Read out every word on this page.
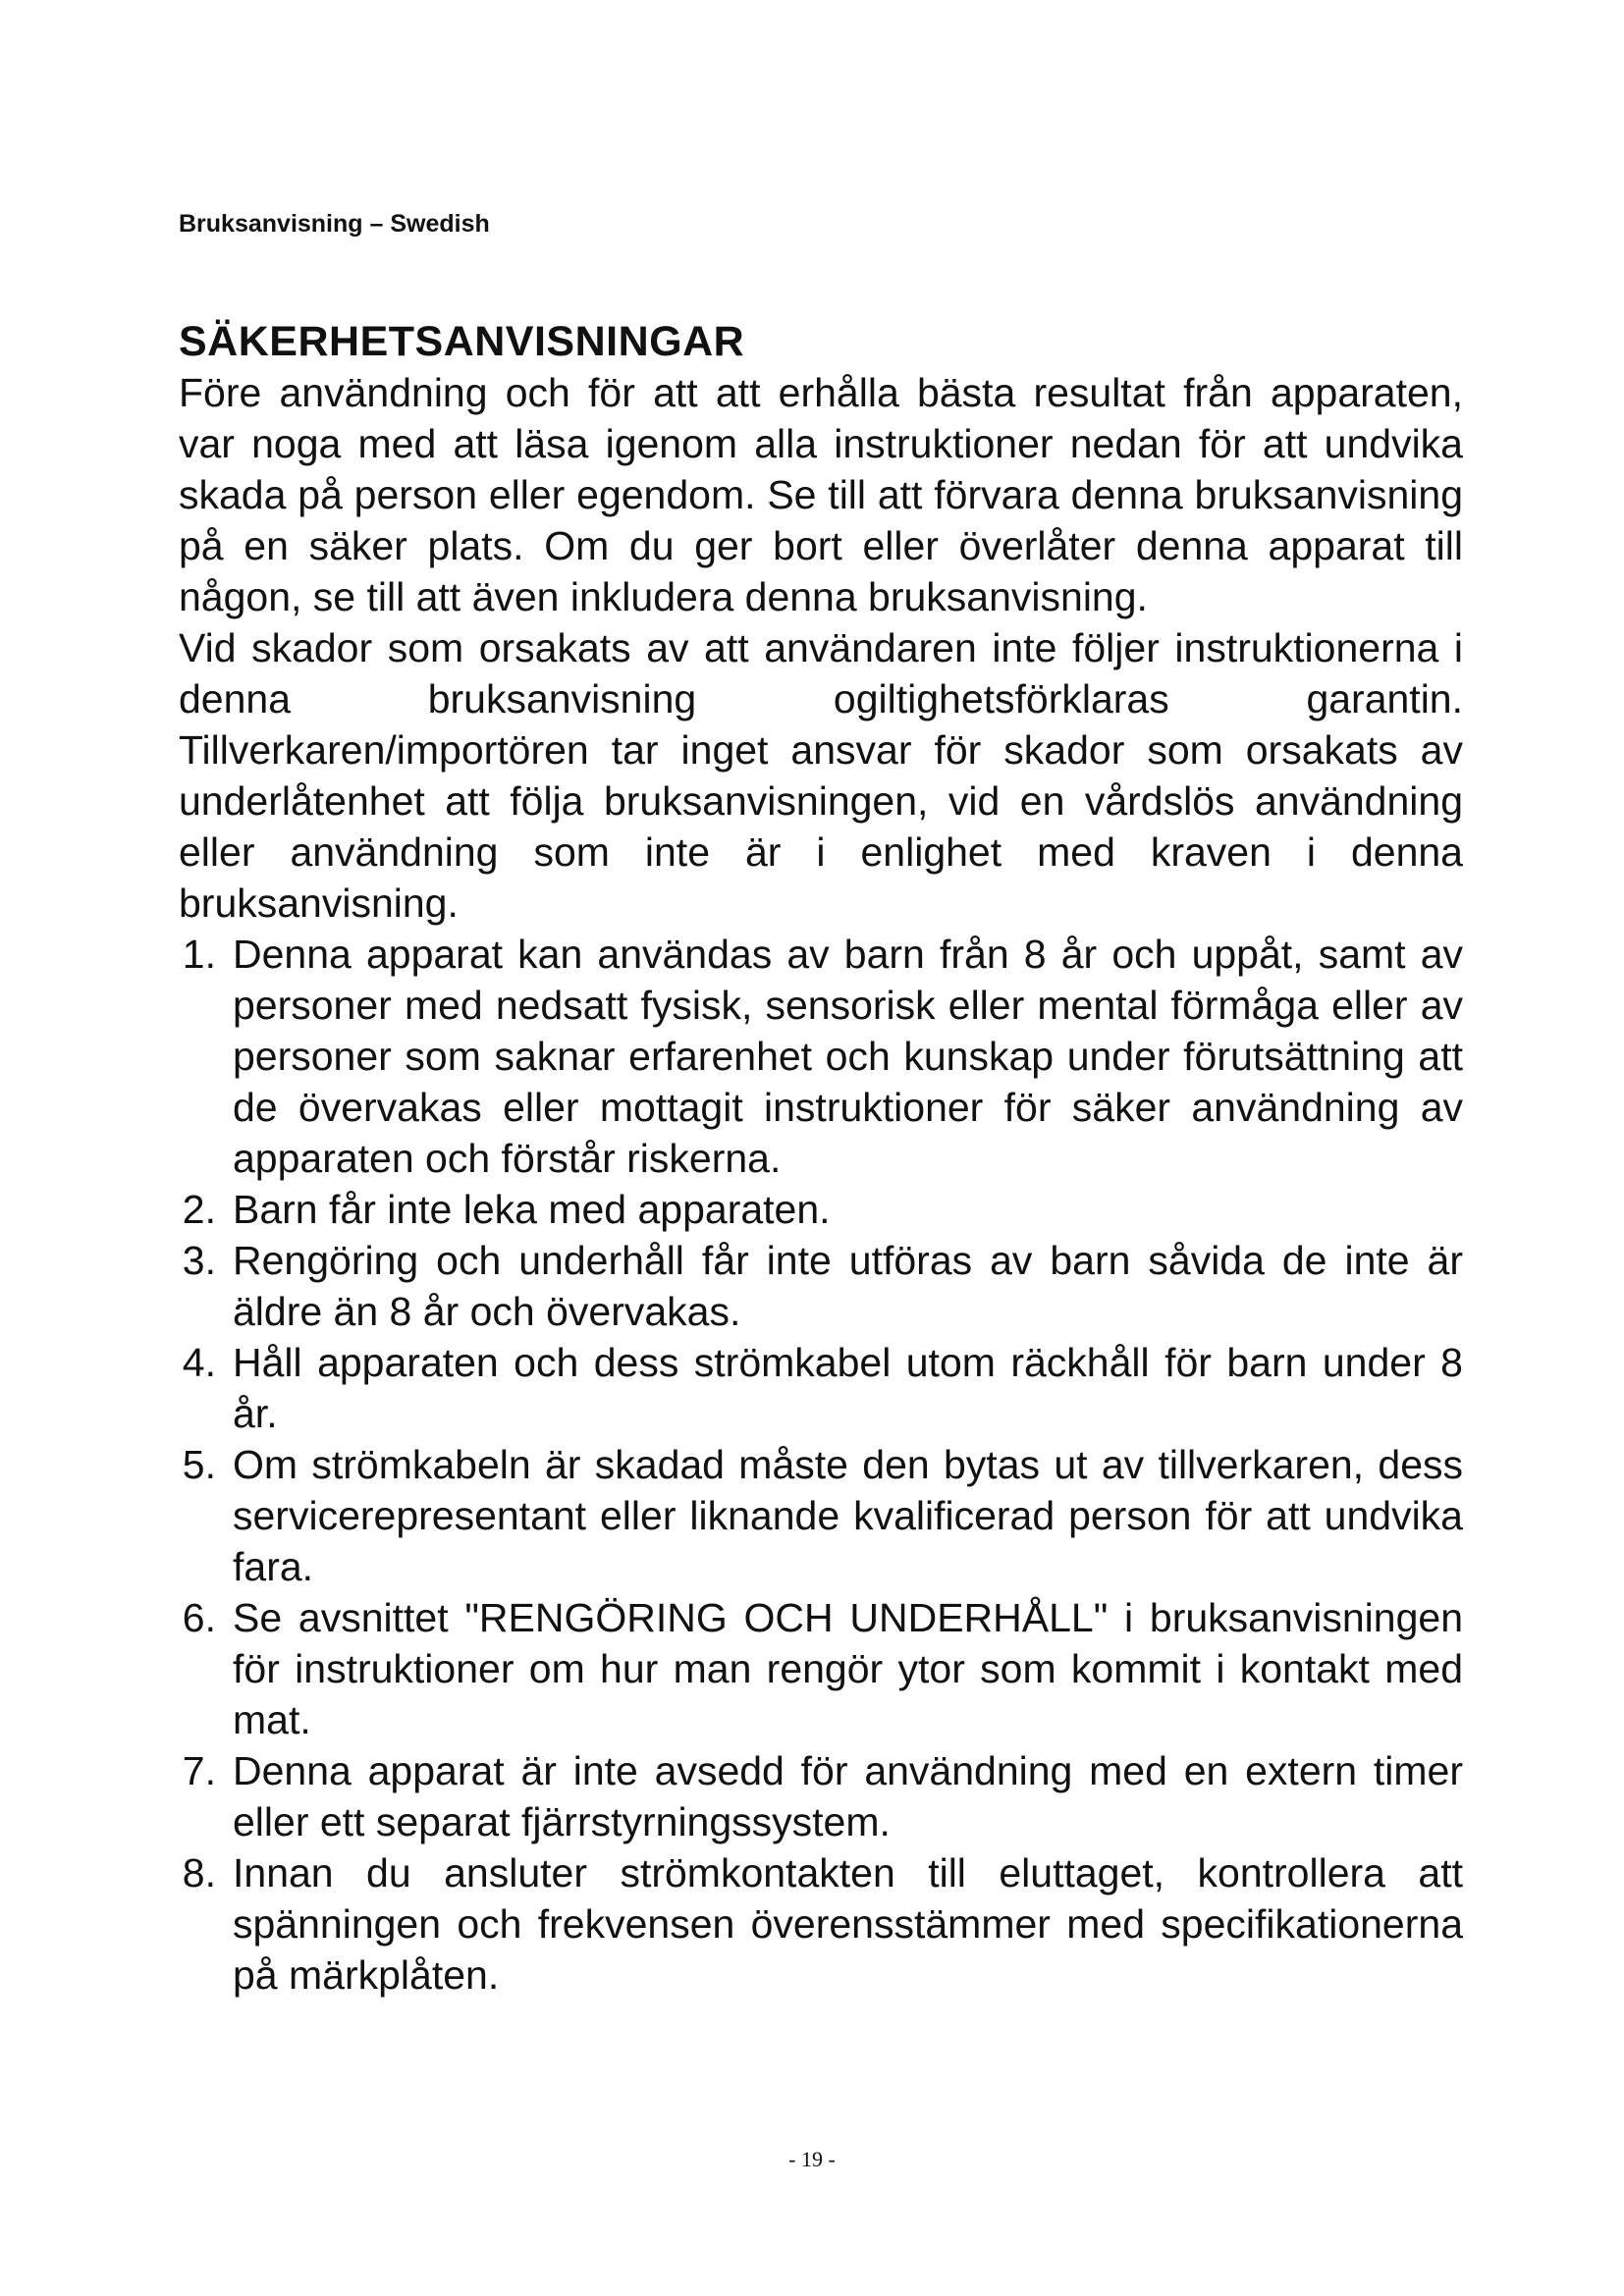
Bruksanvisning – Swedish
SÄKERHETSANVISNINGAR

Före användning och för att att erhålla bästa resultat från apparaten, var noga med att läsa igenom alla instruktioner nedan för att undvika skada på person eller egendom. Se till att förvara denna bruksanvisning på en säker plats. Om du ger bort eller överlåter denna apparat till någon, se till att även inkludera denna bruksanvisning.

Vid skador som orsakats av att användaren inte följer instruktionerna i denna bruksanvisning ogiltighetsförklaras garantin. Tillverkaren/importören tar inget ansvar för skador som orsakats av underlåtenhet att följa bruksanvisningen, vid en vårdslös användning eller användning som inte är i enlighet med kraven i denna bruksanvisning.

1. Denna apparat kan användas av barn från 8 år och uppåt, samt av personer med nedsatt fysisk, sensorisk eller mental förmåga eller av personer som saknar erfarenhet och kunskap under förutsättning att de övervakas eller mottagit instruktioner för säker användning av apparaten och förstår riskerna.
2. Barn får inte leka med apparaten.
3. Rengöring och underhåll får inte utföras av barn såvida de inte är äldre än 8 år och övervakas.
4. Håll apparaten och dess strömkabel utom räckhåll för barn under 8 år.
5. Om strömkabeln är skadad måste den bytas ut av tillverkaren, dess servicerepresentant eller liknande kvalificerad person för att undvika fara.
6. Se avsnittet "RENGÖRING OCH UNDERHÅLL" i bruksanvisningen för instruktioner om hur man rengör ytor som kommit i kontakt med mat.
7. Denna apparat är inte avsedd för användning med en extern timer eller ett separat fjärrstyrningssystem.
8. Innan du ansluter strömkontakten till eluttaget, kontrollera att spänningen och frekvensen överensstämmer med specifikationerna på märkplåten.
- 19 -
